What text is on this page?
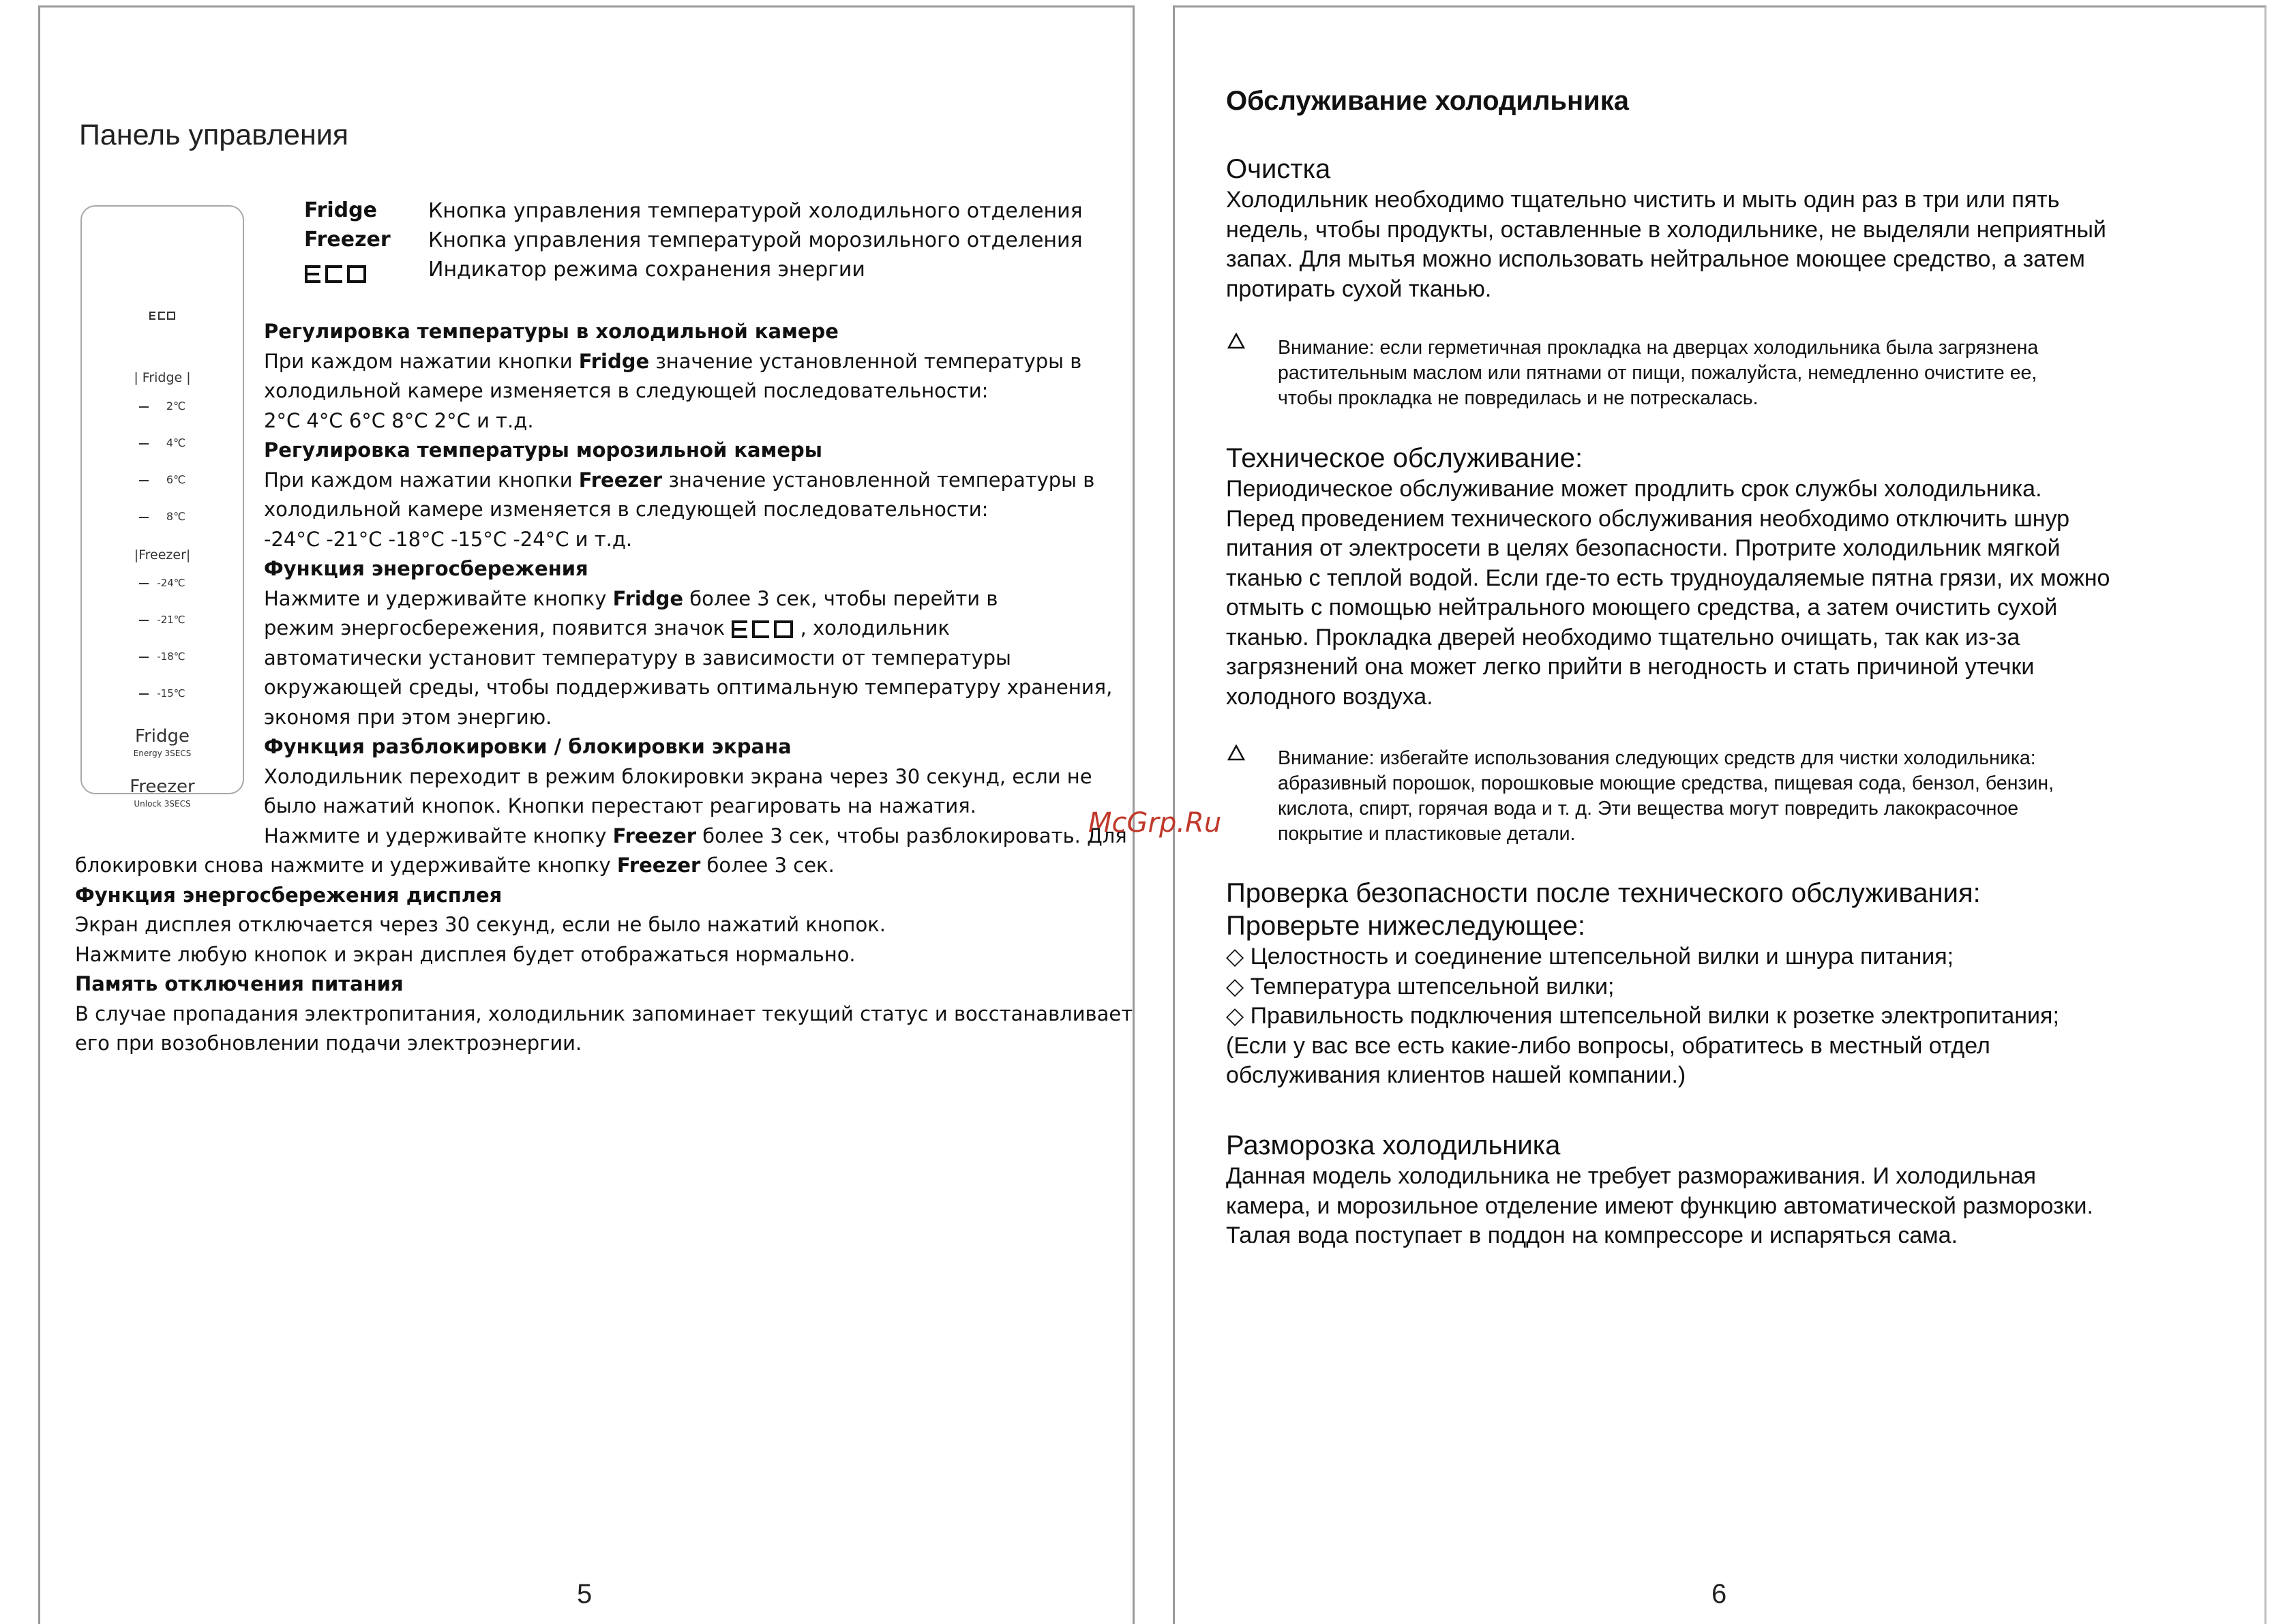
Панель управления
| Fridge |
2℃
4℃
6℃
8℃
|Freezer|
-24℃
-21℃
-18℃
-15℃
Fridge
Energy 3SECS
Freezer
Unlock 3SECS
Fridge	Кнопка управления температурой холодильного отделения
Freezer Кнопка управления температурой морозильного отделения
Индикатор режима сохранения энергии
Регулировка температуры в холодильной камере
При каждом нажатии кнопки Fridge значение установленной температуры в
холодильной камере изменяется в следующей последовательности:
2°C 4°C 6°C 8°C 2°C и т.д.
Регулировка температуры морозильной камеры
При каждом нажатии кнопки Freezer значение установленной температуры в
холодильной камере изменяется в следующей последовательности:
-24°C -21°C -18°C -15°C -24°C и т.д.
Функция энергосбережения
Нажмите и удерживайте кнопку Fridge более 3 сек, чтобы перейти в
режим энергосбережения, появится значок	, холодильник
автоматически установит температуру в зависимости от температуры
окружающей среды, чтобы поддерживать оптимальную температуру хранения,
экономя при этом энергию.
Функция разблокировки / блокировки экрана
Холодильник переходит в режим блокировки экрана через 30 секунд, если не
было нажатий кнопок. Кнопки перестают реагировать на нажатия.
Нажмите и удерживайте кнопку Freezer более 3 сек, чтобы разблокировать. Для
блокировки снова нажмите и удерживайте кнопку Freezer более 3 сек.
Функция энергосбережения дисплея
Экран дисплея отключается через 30 секунд, если не было нажатий кнопок.
Нажмите любую кнопок и экран дисплея будет отображаться нормально.
Память отключения питания
В случае пропадания электропитания, холодильник запоминает текущий статус и восстанавливает
его при возобновлении подачи электроэнергии.
5
McGrp.Ru
Обслуживание холодильника
Очистка
Холодильник необходимо тщательно чистить и мыть один раз в три или пять
недель, чтобы продукты, оставленные в холодильнике, не выделяли неприятный
запах. Для мытья можно использовать нейтральное моющее средство, а затем
протирать сухой тканью.
Внимание: если герметичная прокладка на дверцах холодильника была загрязнена
растительным маслом или пятнами от пищи, пожалуйста, немедленно очистите ее,
чтобы прокладка не повредилась и не потрескалась.
Техническое обслуживание:
Периодическое обслуживание может продлить срок службы холодильника.
Перед проведением технического обслуживания необходимо отключить шнур
питания от электросети в целях безопасности. Протрите холодильник мягкой
тканью с теплой водой. Если где-то есть трудноудаляемые пятна грязи, их можно
отмыть с помощью нейтрального моющего средства, а затем очистить сухой
тканью. Прокладка дверей необходимо тщательно очищать, так как из-за
загрязнений она может легко прийти в негодность и стать причиной утечки
холодного воздуха.
Внимание: избегайте использования следующих средств для чистки холодильника:
абразивный порошок, порошковые моющие средства, пищевая сода, бензол, бензин,
кислота, спирт, горячая вода и т. д. Эти вещества могут повредить лакокрасочное
покрытие и пластиковые детали.
Проверка безопасности после технического обслуживания:
Проверьте нижеследующее:
◇ Целостность и соединение штепсельной вилки и шнура питания;
◇ Температура штепсельной вилки;
◇ Правильность подключения штепсельной вилки к розетке электропитания;
(Если у вас все есть какие-либо вопросы, обратитесь в местный отдел
обслуживания клиентов нашей компании.)
Разморозка холодильника
Данная модель холодильника не требует размораживания. И холодильная
камера, и морозильное отделение имеют функцию автоматической разморозки.
Талая вода поступает в поддон на компрессоре и испаряться сама.
6
